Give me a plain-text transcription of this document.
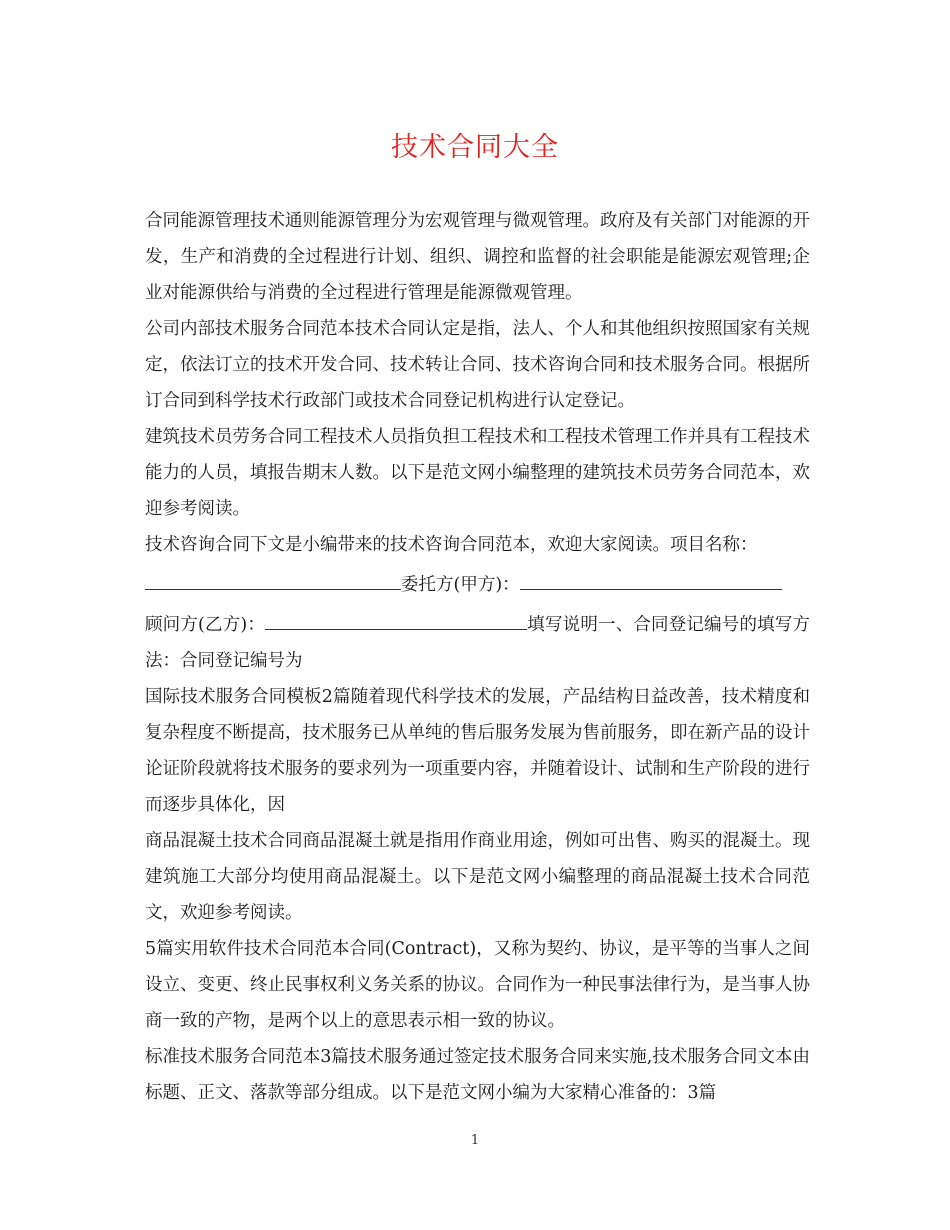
技术合同大全

合同能源管理技术通则能源管理分为宏观管理与微观管理。政府及有关部门对能源的开发，生产和消费的全过程进行计划、组织、调控和监督的社会职能是能源宏观管理;企业对能源供给与消费的全过程进行管理是能源微观管理。

公司内部技术服务合同范本技术合同认定是指，法人、个人和其他组织按照国家有关规定，依法订立的技术开发合同、技术转让合同、技术咨询合同和技术服务合同。根据所订合同到科学技术行政部门或技术合同登记机构进行认定登记。

建筑技术员劳务合同工程技术人员指负担工程技术和工程技术管理工作并具有工程技术能力的人员，填报告期末人数。以下是范文网小编整理的建筑技术员劳务合同范本，欢迎参考阅读。

技术咨询合同下文是小编带来的技术咨询合同范本，欢迎大家阅读。项目名称：
委托方(甲方)：
顾问方(乙方)：	填写说明一、合同登记编号的填写方法：合同登记编号为

国际技术服务合同模板2篇随着现代科学技术的发展，产品结构日益改善，技术精度和复杂程度不断提高，技术服务已从单纯的售后服务发展为售前服务，即在新产品的设计论证阶段就将技术服务的要求列为一项重要内容，并随着设计、试制和生产阶段的进行而逐步具体化，因

商品混凝土技术合同商品混凝土就是指用作商业用途，例如可出售、购买的混凝土。现建筑施工大部分均使用商品混凝土。以下是范文网小编整理的商品混凝土技术合同范文，欢迎参考阅读。

5篇实用软件技术合同范本合同(Contract)，又称为契约、协议，是平等的当事人之间设立、变更、终止民事权利义务关系的协议。合同作为一种民事法律行为，是当事人协商一致的产物，是两个以上的意思表示相一致的协议。

标准技术服务合同范本3篇技术服务通过签定技术服务合同来实施,技术服务合同文本由标题、正文、落款等部分组成。以下是范文网小编为大家精心准备的：3篇

1
